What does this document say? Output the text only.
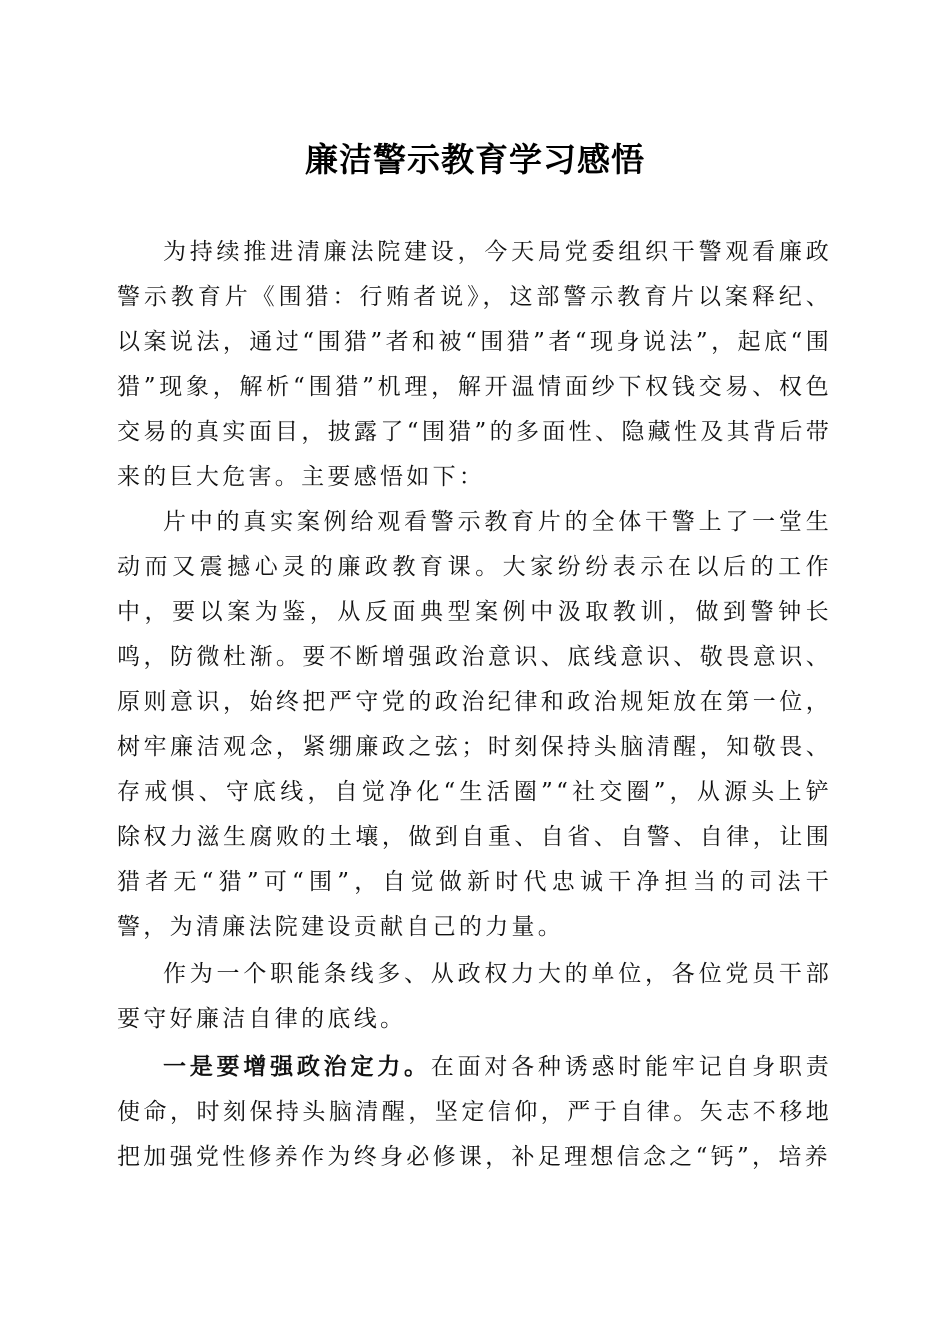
廉洁警示教育学习感悟

为持续推进清廉法院建设，今天局党委组织干警观看廉政警示教育片《围猎：行贿者说》，这部警示教育片以案释纪、以案说法，通过“围猎”者和被“围猎”者“现身说法”，起底“围猎”现象，解析“围猎”机理，解开温情面纱下权钱交易、权色交易的真实面目，披露了“围猎”的多面性、隐藏性及其背后带来的巨大危害。主要感悟如下：

片中的真实案例给观看警示教育片的全体干警上了一堂生动而又震撼心灵的廉政教育课。大家纷纷表示在以后的工作中，要以案为鉴，从反面典型案例中汲取教训，做到警钟长鸣，防微杜渐。要不断增强政治意识、底线意识、敬畏意识、原则意识，始终把严守党的政治纪律和政治规矩放在第一位，树牢廉洁观念，紧绷廉政之弦；时刻保持头脑清醒，知敬畏、存戒惧、守底线，自觉净化“生活圈”“社交圈”，从源头上铲除权力滋生腐败的土壤，做到自重、自省、自警、自律，让围猎者无“猎”可“围”，自觉做新时代忠诚干净担当的司法干警，为清廉法院建设贡献自己的力量。

作为一个职能条线多、从政权力大的单位，各位党员干部要守好廉洁自律的底线。

一是要增强政治定力。在面对各种诱惑时能牢记自身职责使命，时刻保持头脑清醒，坚定信仰，严于自律。矢志不移地把加强党性修养作为终身必修课，补足理想信念之“钙”，培养
